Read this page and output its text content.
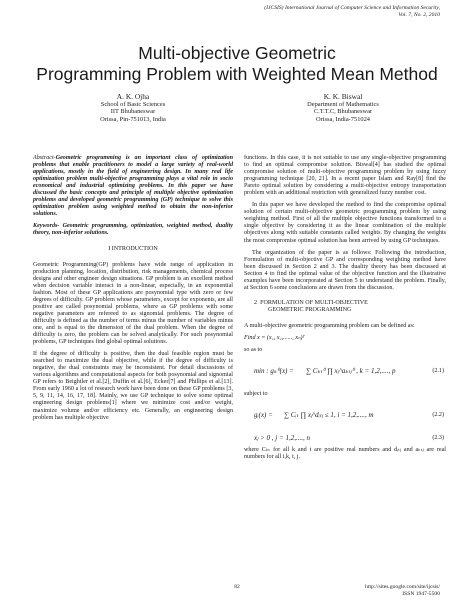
(IJCSIS) International Journal of Computer Science and Information Security,
Vol. 7, No. 2, 2010
Multi-objective Geometric
Programming Problem with Weighted Mean Method
A. K. Ojha
School of Basic Sciences
IIT Bhubaneswar
Orissa, Pin-751013, India
K. K. Biswal
Department of Mathematics
C.T.T.C, Bhubaneswar
Orissa, India-751024

Abstract-Geometric programming is an important class of optimization problems that enable practitioners to model a large variety of real-world applications, mostly in the field of engineering design. In many real life optimization problem multi-objective programming plays a vital role in socio economical and industrial optimizing problems. In this paper we have discussed the basic concepts and principle of multiple objective optimization problems and developed geometric programming (GP) technique to solve this optimization problem using weighted method to obtain the non-inferior solutions.

Keywords- Geometric programming, optimization, weighted method, duality theory, non-inferior solutions.

I INTRODUCTION

Geometric Programming(GP) problems have wide range of application in production planning, location, distribution, risk managements, chemical process designs and other engineer design situations. GP problem is an excellent method when decision variable interact in a non-linear, especially, in an exponential fashion. Most of these GP applications are posynomial type with zero or few degrees of difficulty. GP problem whose parameters, except for exponents, are all positive are called posynomial problems, where as GP problems with some negative parameters are refereed to as signomial problems. The degree of difficulty is defined as the number of terms minus the number of variables minus one, and is equal to the dimension of the dual problem. When the degree of difficulty is zero, the problem can be solved analytically. For such posynomial problems, GP techniques find global optimal solutions.

If the degree of difficulty is positive, then the dual feasible region must be searched to maximize the dual objective, while if the degree of difficulty is negative, the dual constraints may be inconsistent. For detail discussions of various algorithms and computational aspects for both posynomial and signomial GP refers to Beightler et al.[2], Duffin et al.[6], Ecker[7] and Phillips et al.[13]. From early 1960 a lot of research work have been done on these GP problems [3, 5, 9, 11, 14, 16, 17, 18]. Mainly, we use GP technique to solve some optimal engineering design problems[1] where we minimize cost and/or weight, maximize volume and/or efficiency etc. Generally, an engineering design problem has multiple objective

functions. In this case, it is not suitable to use any single-objective programming to find an optimal compromise solution. Biswal[4] has studied the optimal compromise solution of multi-objective programming problem by using fuzzy programming technique [20, 21]. In a recent paper Islam and Ray[8] find the Pareto optimal solution by considering a multi-objective entropy transportation problem with an additional restriction with generalized fuzzy number cost.

In this paper we have developed the method to find the compromise optimal solution of certain multi-objective geometric programming problem by using weighting method. First of all the multiple objective functions transformed to a single objective by considering it as the linear combination of the multiple objectives along with suitable constants called weights. By changing the weights the most compromise optimal solution has been arrived by using GP techniques.

The organization of the paper is as follows: Following the introduction, Formulation of multi-objective GP and corresponding weighting method have been discussed in Section 2 and 3. The duality theory has been discussed at Section 4 to find the optimal value of the objective function and the illustrative examples have been incorporated at Section 5 to understand the problem. Finally, at Section 6 some conclusions are drawn from the discussion.

2 FORMULATION OF MULTI-OBJECTIVE
GEOMETRIC PROGRAMMING

A multi-objective geometric programming problem can be defined as:

Find x = (x₁, x₂,......, xₙ)ᵀ

so as to

min : gₖ⁰(x) = ∑ Cₖₜ⁰ ∏ xⱼ^aₖₜⱼ⁰ , k = 1,2,...., p	(2.1)

subject to

gᵢ(x) = ∑ Cᵢₜ ∏ xⱼ^dᵢₜⱼ ≤ 1, i = 1,2,...., m	(2.2)
xⱼ > 0 , j = 1,2,...., n	(2.3)

where Cₖₜ for all k and t are positive real numbers and dᵢₜⱼ and aₖₜⱼ are real numbers for all i,k, t, j.

82	http://sites.google.com/site/ijcsis/
ISSN 1947-5500
